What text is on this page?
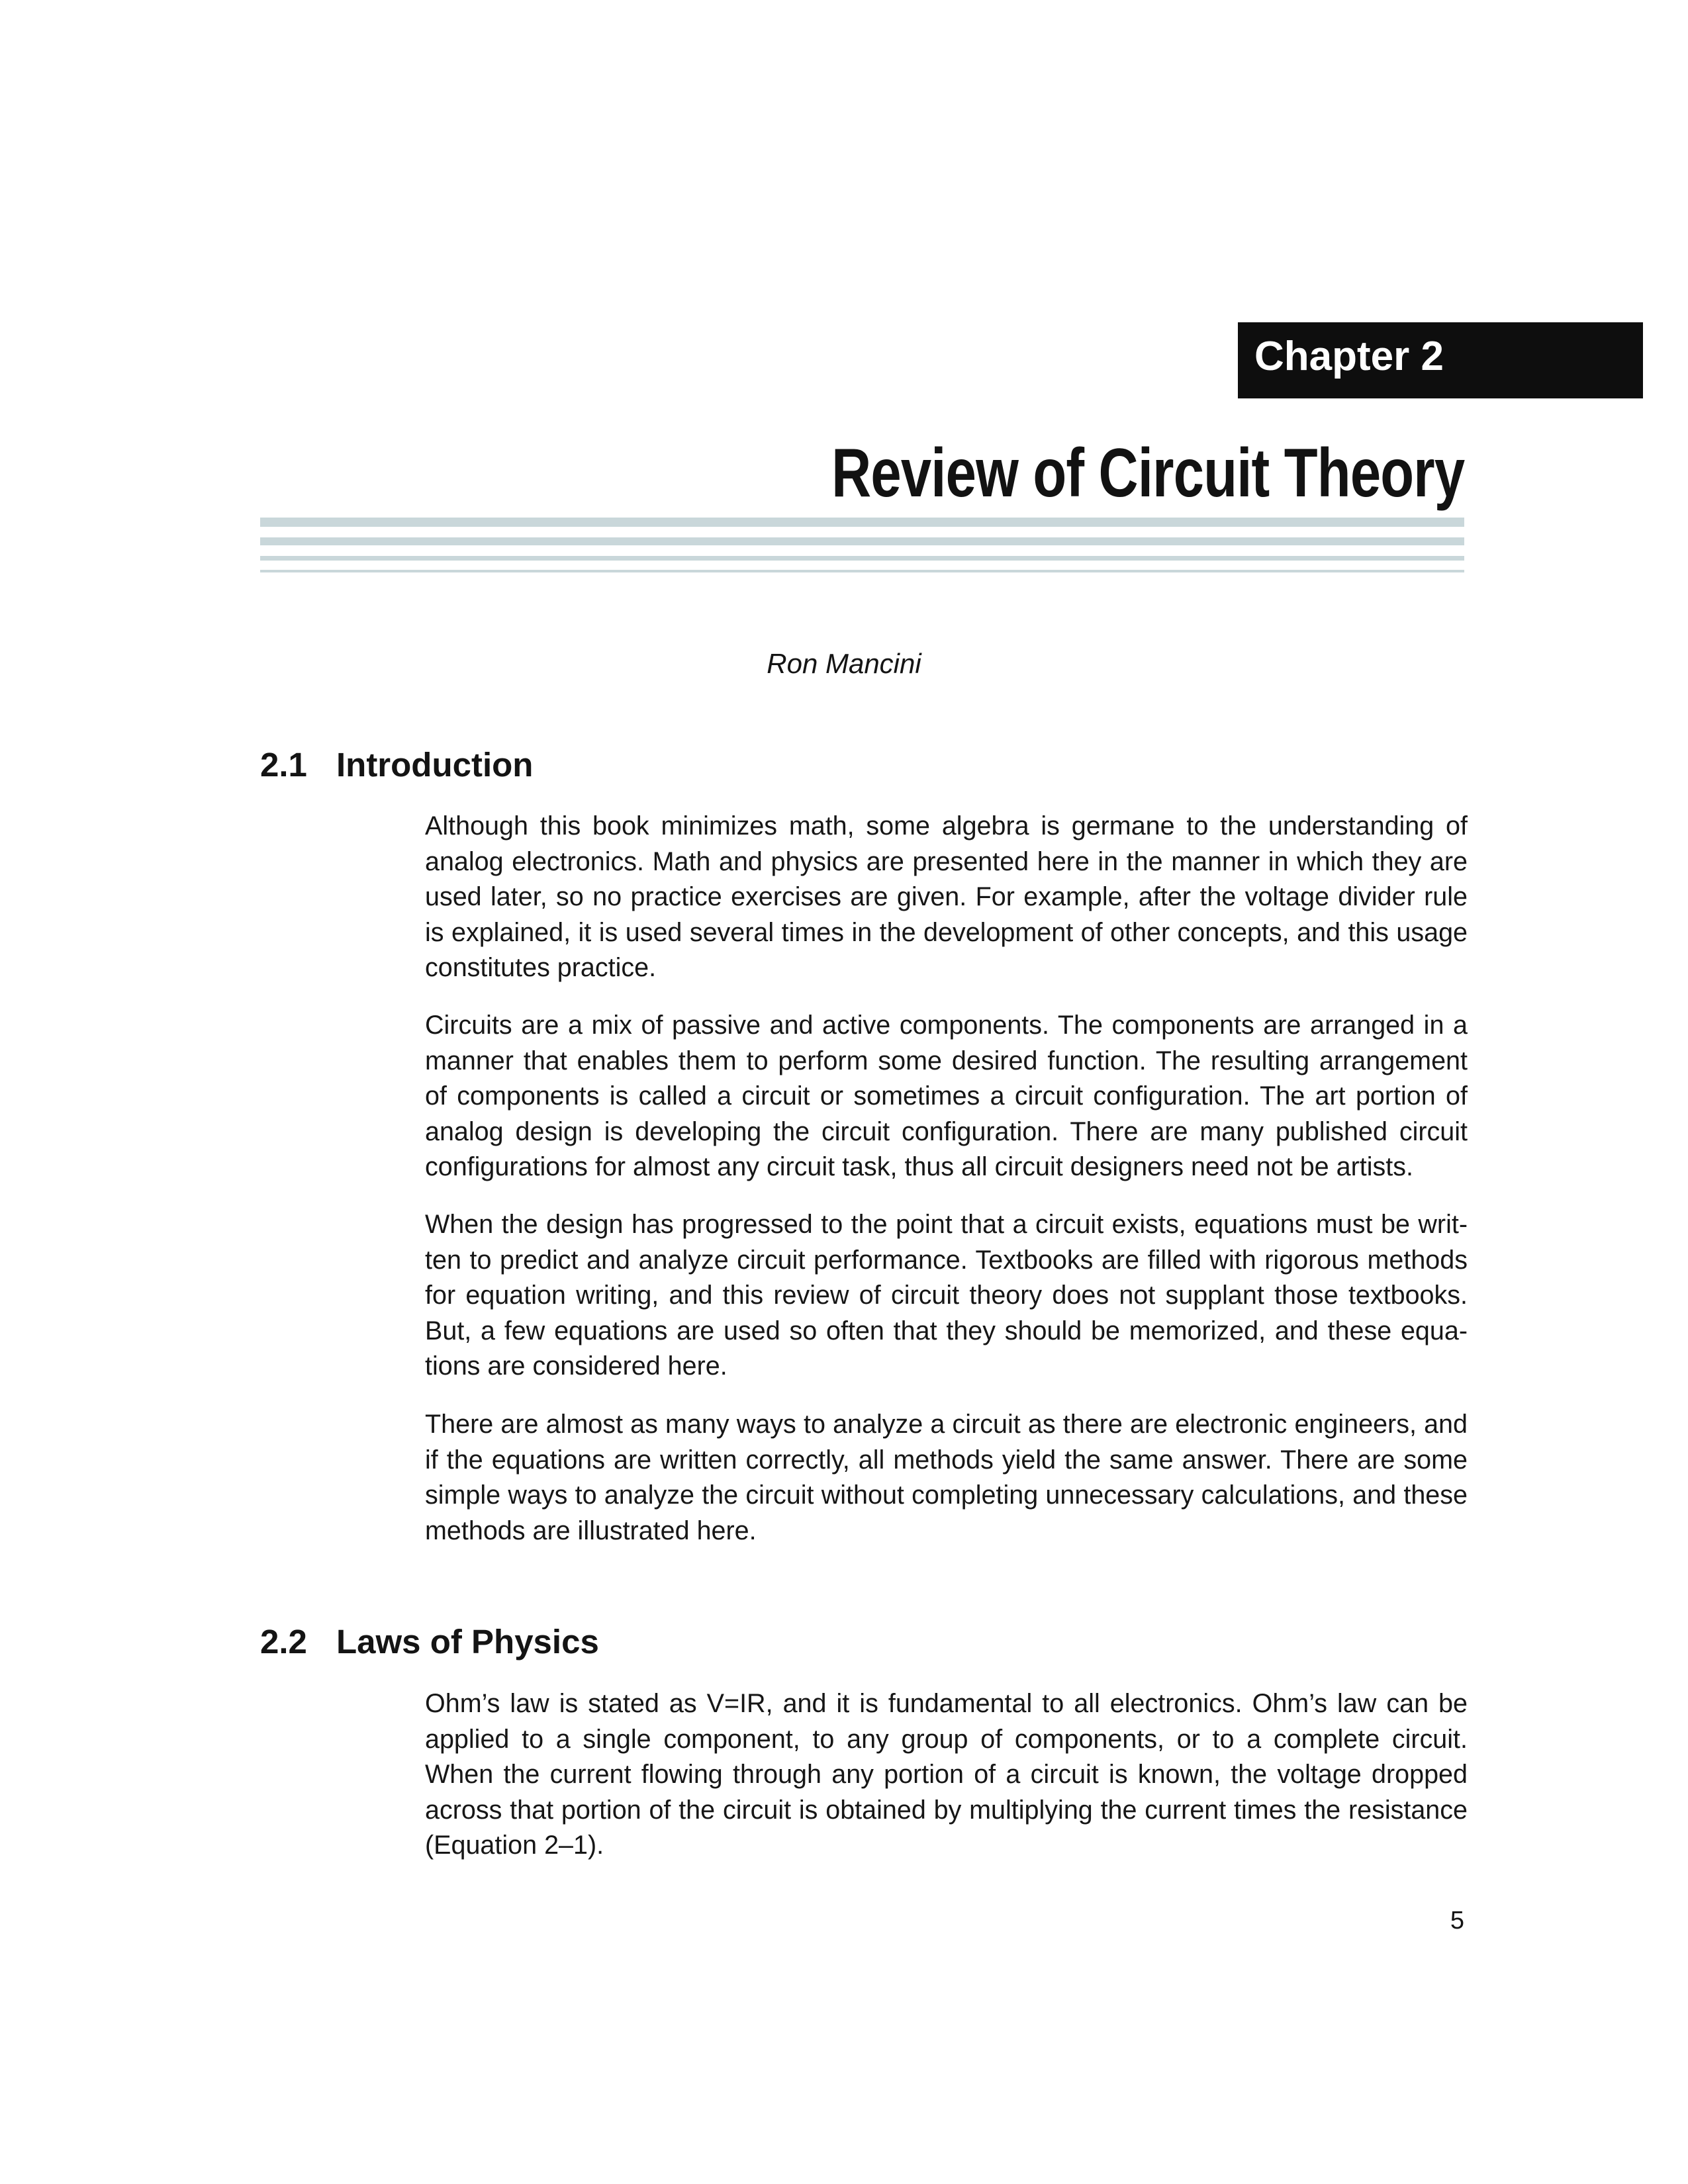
Chapter 2
Review of Circuit Theory
Ron Mancini
2.1 Introduction

Although this book minimizes math, some algebra is germane to the understanding of analog electronics. Math and physics are presented here in the manner in which they are used later, so no practice exercises are given. For example, after the voltage divider rule is explained, it is used several times in the development of other concepts, and this usage constitutes practice.

Circuits are a mix of passive and active components. The components are arranged in a manner that enables them to perform some desired function. The resulting arrangement of components is called a circuit or sometimes a circuit configuration. The art portion of analog design is developing the circuit configuration. There are many published circuit configurations for almost any circuit task, thus all circuit designers need not be artists.

When the design has progressed to the point that a circuit exists, equations must be written to predict and analyze circuit performance. Textbooks are filled with rigorous methods for equation writing, and this review of circuit theory does not supplant those textbooks. But, a few equations are used so often that they should be memorized, and these equations are considered here.

There are almost as many ways to analyze a circuit as there are electronic engineers, and if the equations are written correctly, all methods yield the same answer. There are some simple ways to analyze the circuit without completing unnecessary calculations, and these methods are illustrated here.

2.2 Laws of Physics

Ohm’s law is stated as V=IR, and it is fundamental to all electronics. Ohm’s law can be applied to a single component, to any group of components, or to a complete circuit. When the current flowing through any portion of a circuit is known, the voltage dropped across that portion of the circuit is obtained by multiplying the current times the resistance (Equation 2–1).

5
